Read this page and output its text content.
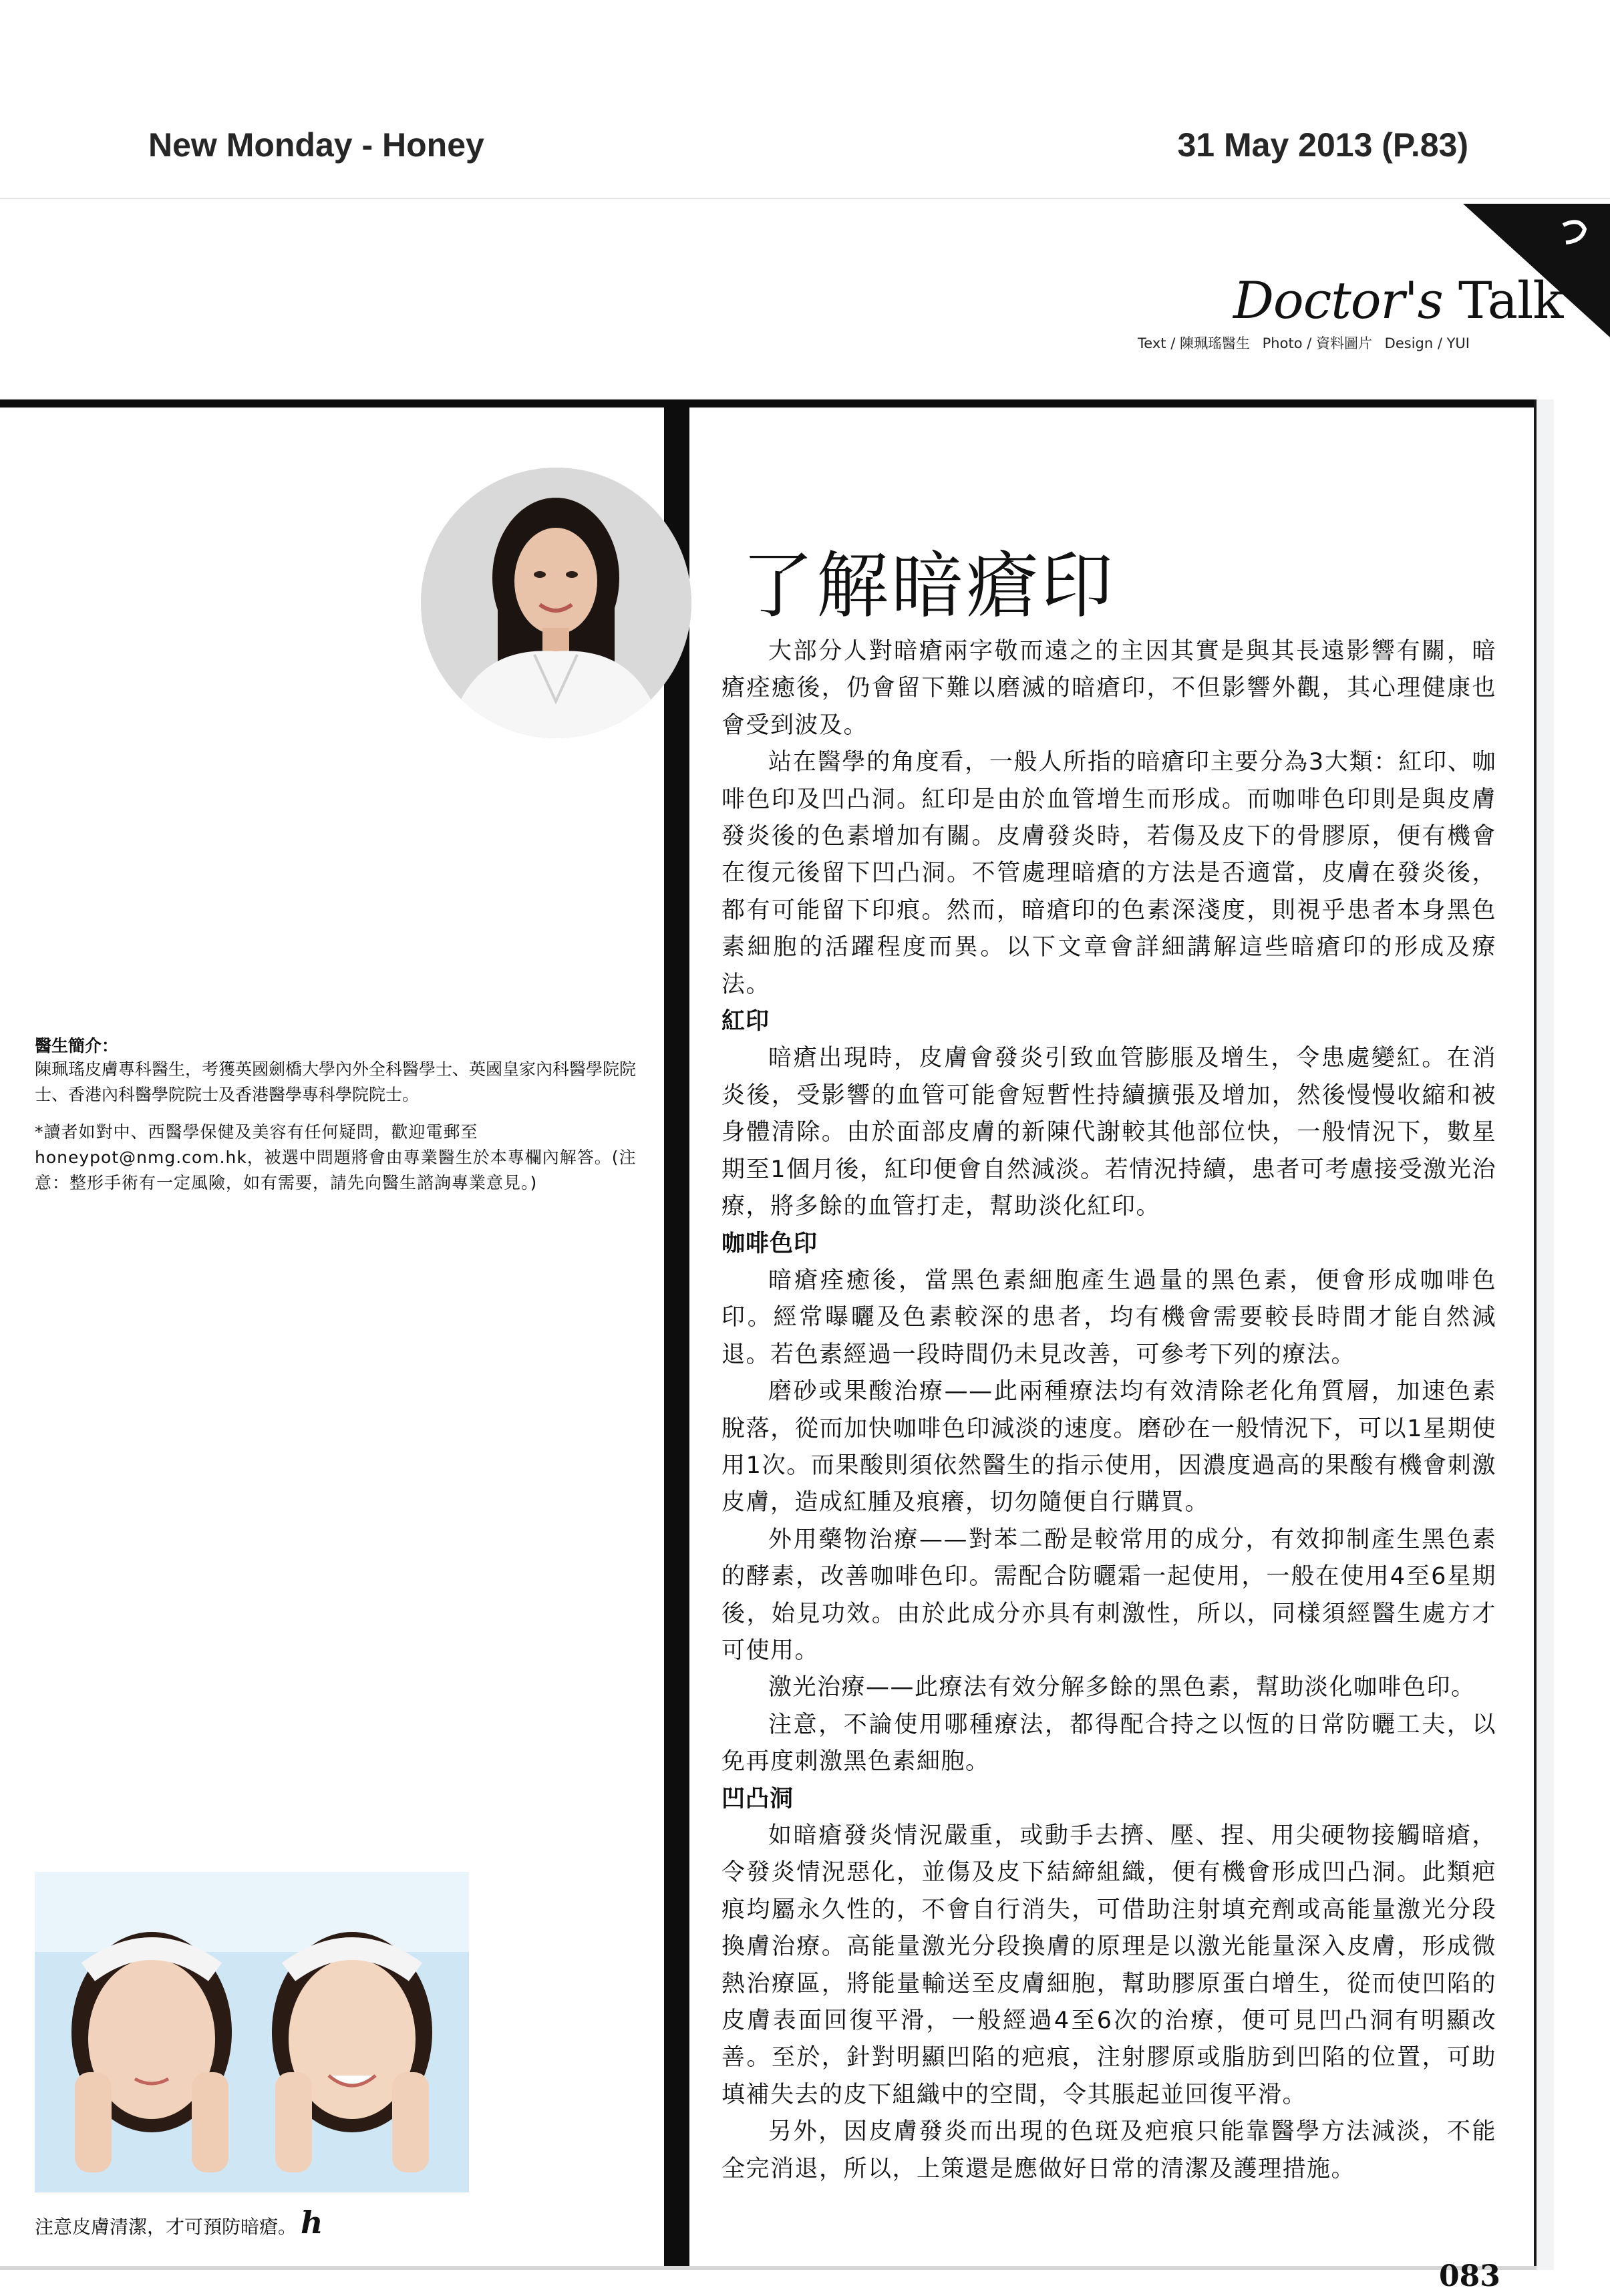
New Monday - Honey	31 May 2013 (P.83)
Doctor's Talk
Text / 陳珮瑤醫生 Photo / 資料圖片 Design / YUI
醫生簡介：
陳珮瑤皮膚專科醫生，考獲英國劍橋大學內外全科醫學士、英國皇家內科醫學院院士、香港內科醫學院院士及香港醫學專科學院院士。
*讀者如對中、西醫學保健及美容有任何疑問，歡迎電郵至honeypot@nmg.com.hk，被選中問題將會由專業醫生於本專欄內解答。(注意：整形手術有一定風險，如有需要，請先向醫生諮詢專業意見。)
注意皮膚清潔，才可預防暗瘡。 h
了解暗瘡印

大部分人對暗瘡兩字敬而遠之的主因其實是與其長遠影響有關，暗瘡痊癒後，仍會留下難以磨滅的暗瘡印，不但影響外觀，其心理健康也會受到波及。

站在醫學的角度看，一般人所指的暗瘡印主要分為3大類：紅印、咖啡色印及凹凸洞。紅印是由於血管增生而形成。而咖啡色印則是與皮膚發炎後的色素增加有關。皮膚發炎時，若傷及皮下的骨膠原，便有機會在復元後留下凹凸洞。不管處理暗瘡的方法是否適當，皮膚在發炎後，都有可能留下印痕。然而，暗瘡印的色素深淺度，則視乎患者本身黑色素細胞的活躍程度而異。以下文章會詳細講解這些暗瘡印的形成及療法。

紅印

暗瘡出現時，皮膚會發炎引致血管膨脹及增生，令患處變紅。在消炎後，受影響的血管可能會短暫性持續擴張及增加，然後慢慢收縮和被身體清除。由於面部皮膚的新陳代謝較其他部位快，一般情況下，數星期至1個月後，紅印便會自然減淡。若情況持續，患者可考慮接受激光治療，將多餘的血管打走，幫助淡化紅印。

咖啡色印

暗瘡痊癒後，當黑色素細胞產生過量的黑色素，便會形成咖啡色印。經常曝曬及色素較深的患者，均有機會需要較長時間才能自然減退。若色素經過一段時間仍未見改善，可參考下列的療法。

磨砂或果酸治療——此兩種療法均有效清除老化角質層，加速色素脫落，從而加快咖啡色印減淡的速度。磨砂在一般情況下，可以1星期使用1次。而果酸則須依然醫生的指示使用，因濃度過高的果酸有機會刺激皮膚，造成紅腫及痕癢，切勿隨便自行購買。

外用藥物治療——對苯二酚是較常用的成分，有效抑制產生黑色素的酵素，改善咖啡色印。需配合防曬霜一起使用，一般在使用4至6星期後，始見功效。由於此成分亦具有刺激性，所以，同樣須經醫生處方才可使用。

激光治療——此療法有效分解多餘的黑色素，幫助淡化咖啡色印。

注意，不論使用哪種療法，都得配合持之以恆的日常防曬工夫，以免再度刺激黑色素細胞。

凹凸洞

如暗瘡發炎情況嚴重，或動手去擠、壓、捏、用尖硬物接觸暗瘡，令發炎情況惡化，並傷及皮下結締組織，便有機會形成凹凸洞。此類疤痕均屬永久性的，不會自行消失，可借助注射填充劑或高能量激光分段換膚治療。高能量激光分段換膚的原理是以激光能量深入皮膚，形成微熱治療區，將能量輸送至皮膚細胞，幫助膠原蛋白增生，從而使凹陷的皮膚表面回復平滑，一般經過4至6次的治療，便可見凹凸洞有明顯改善。至於，針對明顯凹陷的疤痕，注射膠原或脂肪到凹陷的位置，可助填補失去的皮下組織中的空間，令其脹起並回復平滑。

另外，因皮膚發炎而出現的色斑及疤痕只能靠醫學方法減淡，不能全完消退，所以，上策還是應做好日常的清潔及護理措施。

083
